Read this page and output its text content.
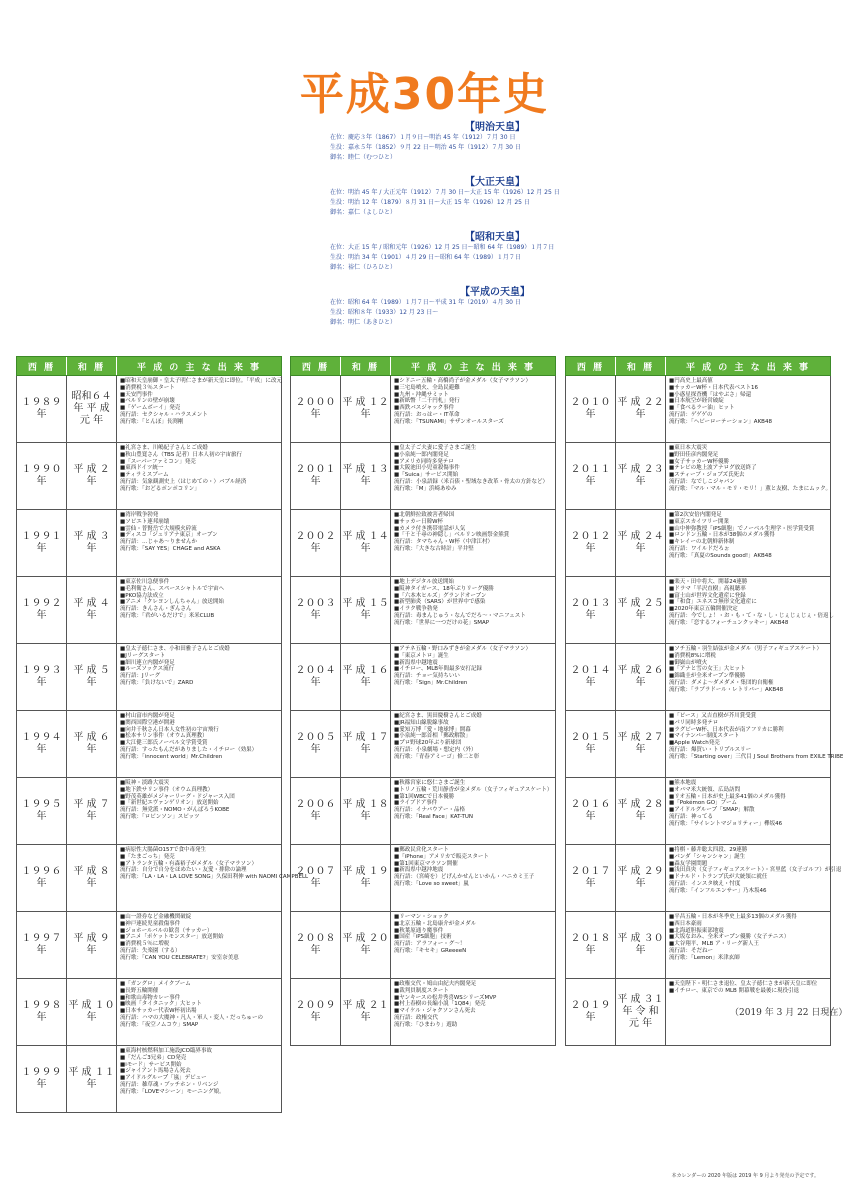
平成30年史
【明治天皇】
在位：慶応３年（1867）１月９日～明治 45 年（1912）７月 30 日
生没：嘉永５年（1852）９月 22 日～明治 45 年（1912）７月 30 日
御名：睦仁（むつひと）
【大正天皇】
在位：明治 45 年 / 大正元年（1912）７月 30 日～大正 15 年（1926）12 月 25 日
生没：明治 12 年（1879）８月 31 日～大正 15 年（1926）12 月 25 日
御名：嘉仁（よしひと）
【昭和天皇】
在位：大正 15 年 / 昭和元年（1926）12 月 25 日～昭和 64 年（1989）１月７日
生没：明治 34 年（1901）４月 29 日～昭和 64 年（1989）１月７日
御名：裕仁（ひろひと）
【平成の天皇】
在位：昭和 64 年（1989）１月７日～平成 31 年（2019）４月 30 日
生没：昭和８年（1933）12 月 23 日～
御名：明仁（あきひと）
西 暦	和 暦	平 成 の 主 な 出 来 事
１９８９年
昭和６４年 平 成 元 年
■昭和天皇崩御・皇太子明仁さまが新天皇に即位。「平成」に改元
■消費税３％スタート
■天安門事件
■ベルリンの壁が崩壊
■「ゲームボーイ」発売
流行語：セクシャル・ハラスメント
流行歌：「とんぼ」長渕剛
１９９０年
平 成 ２ 年
■礼宮さま、川嶋紀子さんとご成婚
■秋山豊寛さん（TBS 記者）日本人初の宇宙旅行
■「スーパーファミコン」発売
■東西ドイツ統一
■ティラミスブーム
流行語：気象観測史上（はじめての・）バブル経済
流行歌：「おどるポンポコリン」
１９９１年
平 成 ３ 年
■湾岸戦争勃発
■ソビエト連邦崩壊
■雲仙・普賢岳で大規模火砕流
■ディスコ「ジュリアナ東京」オープン
流行語：…じゃあ～りませんか
流行歌：「SAY YES」CHAGE and ASKA
１９９２年
平 成 ４ 年
■東京佐川急便事件
■毛利衛さん、スペースシャトルで宇宙へ
■PKO協力法成立
■アニメ「クレヨンしんちゃん」放送開始
流行語：きんさん・ぎんさん
流行歌：「君がいるだけで」米米CLUB
１９９３年
平 成 ５ 年
■皇太子徳仁さま、小和田雅子さんとご成婚
■Jリーグスタート
■細川連立内閣が発足
■ルーズソックス流行
流行語：Jリーグ
流行歌：「負けないで」ZARD
１９９４年
平 成 ６ 年
■村山富市内閣が発足
■関西国際空港が開港
■向井千秋さん日本人女性初の宇宙飛行
■松本サリン事件（オウム真理教）
■大江健三郎氏ノーベル文学賞受賞
流行語：すったもんだがありました・イチロー（効果）
流行歌：「innocent world」Mr.Children
１９９５年
平 成 ７ 年
■阪神・淡路大震災
■地下鉄サリン事件（オウム真理教）
■野茂英雄がメジャーリーグ・ドジャース入団
■「新世紀エヴァンゲリオン」放送開始
流行語：無党派・NOMO・がんばろうKOBE
流行歌：「ロビンソン」スピッツ
１９９６年
平 成 ８ 年
■病原性大腸菌O157で食中毒発生
■「たまごっち」発売
■アトランタ五輪・有森裕子がメダル（女子マラソン）
流行語：自分で自分をほめたい・友愛・排除の論理
流行歌：「LA・LA・LA LOVE SONG」久保田利伸 with NAOMI CAMPBELL
１９９７年
平 成 ９ 年
■山一證券など金融機関破綻
■神戸連続児童殺傷事件
■ジョホールバルの歓喜（サッカー）
■アニメ「ポケットモンスター」放送開始
■消費税５％に増税
流行語：失楽園（する）
流行歌：「CAN YOU CELEBRATE?」安室奈美恵
１９９８年
平 成 １０年
■「ガングロ」メイクブーム
■長野五輪開催
■和歌山毒物カレー事件
■映画「タイタニック」大ヒット
■日本サッカー代表W杯初出場
流行語：ハマの大魔神・凡人・軍人・変人・だっちゅーの
流行歌：「夜空ノムコウ」SMAP
１９９９年
平 成 １１年
■東海村核燃料加工施設JCO臨界事故
■「だんご3兄弟」CD発売
■iモード」サービス開始
■ジャイアント馬場さん死去
■アイドルグループ「嵐」デビュー
流行語：雑草魂・ブッチホン・リベンジ
流行歌：「LOVEマシーン」モーニング娘。
西 暦	和 暦	平 成 の 主 な 出 来 事
２０００年
平 成 １２年
■シドニー五輪・高橋尚子が金メダル（女子マラソン）
■三宅島噴火、全島民避難
■九州・沖縄サミット
■新紙幣「二千円札」発行
■西鉄バスジャック事件
流行語：おっはー・IT革命
流行歌：「TSUNAMI」サザンオールスターズ
２００１年
平 成 １３年
■皇太子ご夫妻に愛子さまご誕生
■小泉純一郎内閣発足
■アメリカ同時多発テロ
■大阪池田小児童殺傷事件
■「Suica」サービス開始
流行語：小泉語録（米百俵・聖域なき改革・骨太の方針など）
流行歌：「M」浜崎あゆみ
２００２年
平 成 １４年
■北朝鮮拉致被害者帰国
■サッカー日韓W杯
■カメラ付き携帯電話が人気
■「千と千尋の神隠し」ベルリン映画祭金熊賞
流行語：タマちゃん・W杯（中津江村）
流行歌：「大きな古時計」平井堅
２００３年
平 成 １５年
■地上デジタル放送開始
■阪神タイガース、18年ぶりリーグ優勝
■「六本木ヒルズ」グランドオープン
■新型肺炎（SARS）が世界中で感染
■イラク戦争勃発
流行語：毒まんじゅう・なんでだろ～・マニフェスト
流行歌：「世界に一つだけの花」SMAP
２００４年
平 成 １６年
■アテネ五輪・野口みずきが金メダル（女子マラソン）
■「東京メトロ」誕生
■新潟県中越地震
■イチロー、MLB年間最多安打記録
流行語：チョー気持ちいい
流行歌：「Sign」Mr.Children
２００５年
平 成 １７年
■紀宮さま、黒田慶樹さんとご成婚
■JR福知山線脱線事故
■愛知万博「愛・地球博」開幕
■小泉純一郎首相「郵政解散」
■プロ野球20年ぶり新球団
流行語：小泉劇場・想定内（外）
流行歌：「青春アミーゴ」修二と彰
２００６年
平 成 １８年
■秋篠宮家に悠仁さまご誕生
■トリノ五輪・荒川静香が金メダル（女子フィギュアスケート）
■第1回WBCで日本優勝
■ライブドア事件
流行語：イナバウアー・品格
流行歌：「Real Face」KAT-TUN
２００７年
平 成 １９年
■郵政民営化スタート
■「iPhone」アメリカで販売スタート
■第1回東京マラソン開催
■新潟県中越沖地震
流行語：（宮崎を）どげんかせんといかん・ハニカミ王子
流行歌：「Love so sweet」嵐
２００８年
平 成 ２０年
■リーマン・ショック
■北京五輪・北島康介が金メダル
■秋葉原通り魔事件
■国産「iPS細胞」技術
流行語：アラフォー・グ～！
流行歌：「キセキ」GReeeeN
２００９年
平 成 ２１年
■政権交代・鳩山由紀夫内閣発足
■裁判員制度スタート
■ヤンキースの松井秀喜WSシリーズMVP
■村上春樹の長編小説「1Q84」発売
■マイケル・ジャクソンさん死去
流行語：政権交代
流行歌：「ひまわり」遊助
西 暦	和 暦	平 成 の 主 な 出 来 事
２０１０年
平 成 ２２年
■円高史上最高値
■サッカーW杯・日本代表ベスト16
■小惑星探査機「はやぶさ」帰還
■日本航空が経営破綻
■「食べるラー油」ヒット
流行語：ゲゲゲの
流行歌：「ヘビーローテーション」AKB48
２０１１年
平 成 ２３年
■東日本大震災
■野田佳彦内閣発足
■女子サッカーW杯優勝
■テレビの地上波アナログ放送終了
■スティーブ・ジョブズ氏死去
流行語：なでしこジャパン
流行歌：「マル・マル・モリ・モリ！」薫と友樹、たまにムック。
２０１２年
平 成 ２４年
■第2次安倍内閣発足
■東京スカイツリー開業
■山中伸弥教授「iPS細胞」でノーベル生理学・医学賞受賞
■ロンドン五輪・日本が38個のメダル獲得
■キレイーの北朝鮮新体制
流行語：ワイルドだろぉ
流行歌：「真夏のSounds good!」AKB48
２０１３年
平 成 ２５年
■楽天・田中将大、開幕24連勝
■ドラマ「半沢直樹」高視聴率
■富士山が世界文化遺産に登録
■「和食」ユネスコ無形文化遺産に
■2020年東京五輪開催決定
流行語：今でしょ！・お・も・て・な・し・じぇじぇじぇ・倍返し
流行歌：「恋するフォーチュンクッキー」AKB48
２０１４年
平 成 ２６年
■ソチ五輪・羽生結弦が金メダル（男子フィギュアスケート）
■消費税8%に増税
■御嶽山が噴火
■「アナと雪の女王」大ヒット
■錦織圭が全米オープン準優勝
流行語：ダメよ～ダメダメ・集団的自衛権
流行歌：「ラブラドール・レトリバー」AKB48
２０１５年
平 成 ２７年
■「ピース」又吉直樹が芥川賞受賞
■パリ同時多発テロ
■ラグビーW杯、日本代表が南アフリカに勝利
■マイナンバー制度スタート
■Apple Watch発売
流行語：爆買い・トリプルスリー
流行歌：「Starting over」三代目 J Soul Brothers from EXILE TRIBE
２０１６年
平 成 ２８年
■熊本地震
■オバマ米大統領、広島訪問
■リオ五輪・日本が史上最多41個のメダル獲得
■「Pokémon GO」ブーム
■アイドルグループ「SMAP」解散
流行語：神ってる
流行歌：「サイレントマジョリティー」欅坂46
２０１７年
平 成 ２９年
■将棋・藤井聡太四段、29連勝
■パンダ「シャンシャン」誕生
■森友学園問題
■浅田真央（女子フィギュアスケート）・宮里藍（女子ゴルフ）が引退
■ドナルド・トランプ氏が大統領に就任
流行語：インスタ映え・忖度
流行歌：「インフルエンサー」乃木坂46
２０１８年
平 成 ３０年
■平昌五輪・日本が冬季史上最多13個のメダル獲得
■西日本豪雨
■北海道胆振東部地震
■大坂なおみ、全米オープン優勝（女子テニス）
■大谷翔平、MLB ア・リーグ新人王
流行語：そだねー
流行歌：「Lemon」米津玄師
２０１９年
平 成 ３１年 令 和 元 年
■天皇陛下・明仁さま退位、皇太子徳仁さまが新天皇に即位
■イチロー、東京での MLB 開幕戦を最後に現役引退
（2019 年 3 月 22 日現在）
本カレンダーの 2020 年版は 2019 年 9 月より発売の予定です。
